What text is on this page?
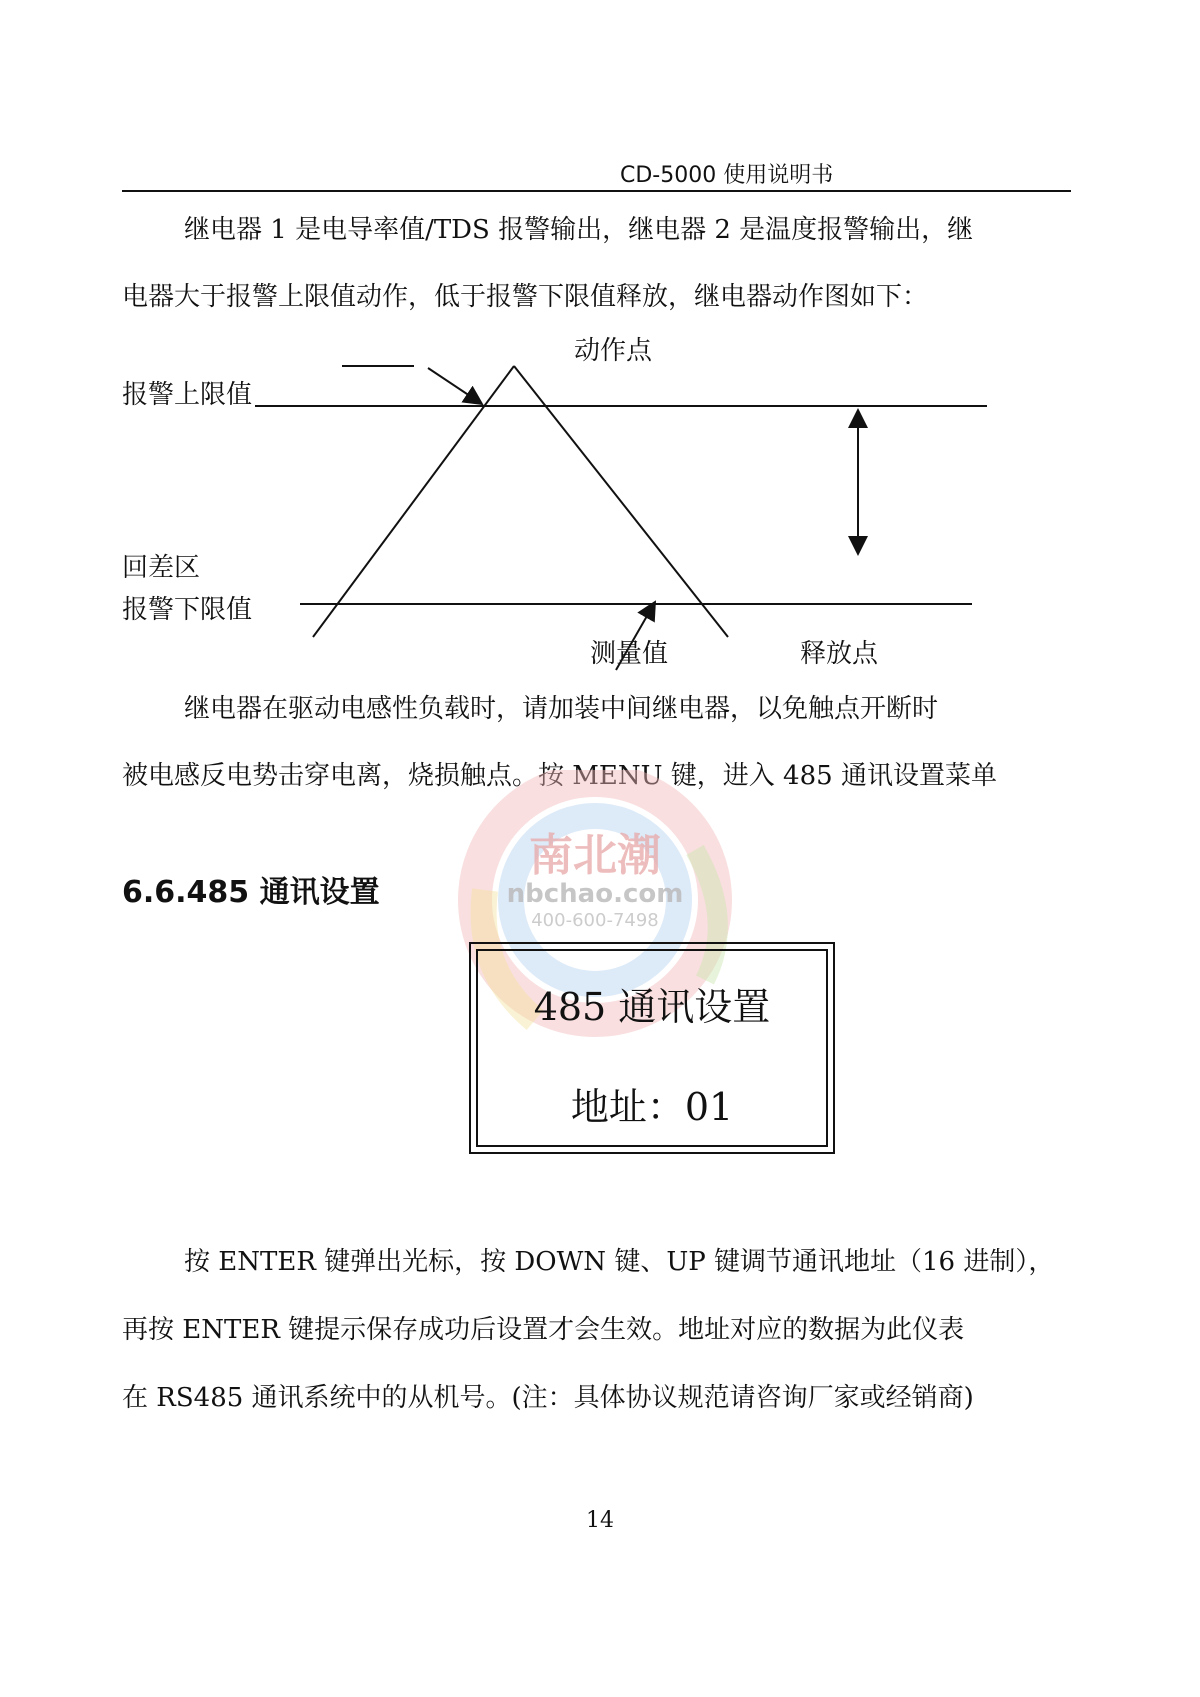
CD-5000 使用说明书
继电器 1 是电导率值/TDS 报警输出，继电器 2 是温度报警输出，继
电器大于报警上限值动作，低于报警下限值释放，继电器动作图如下：
动作点
报警上限值
回差区
报警下限值
测量值	释放点
继电器在驱动电感性负载时，请加装中间继电器，以免触点开断时
被电感反电势击穿电离，烧损触点。按 MENU 键，进入 485 通讯设置菜单
南北潮
nbchao.com
400-600-7498
6.6.485 通讯设置
485 通讯设置
地址：01
按 ENTER 键弹出光标，按 DOWN 键、UP 键调节通讯地址（16 进制），
再按 ENTER 键提示保存成功后设置才会生效。地址对应的数据为此仪表
在 RS485 通讯系统中的从机号。(注：具体协议规范请咨询厂家或经销商)
14
